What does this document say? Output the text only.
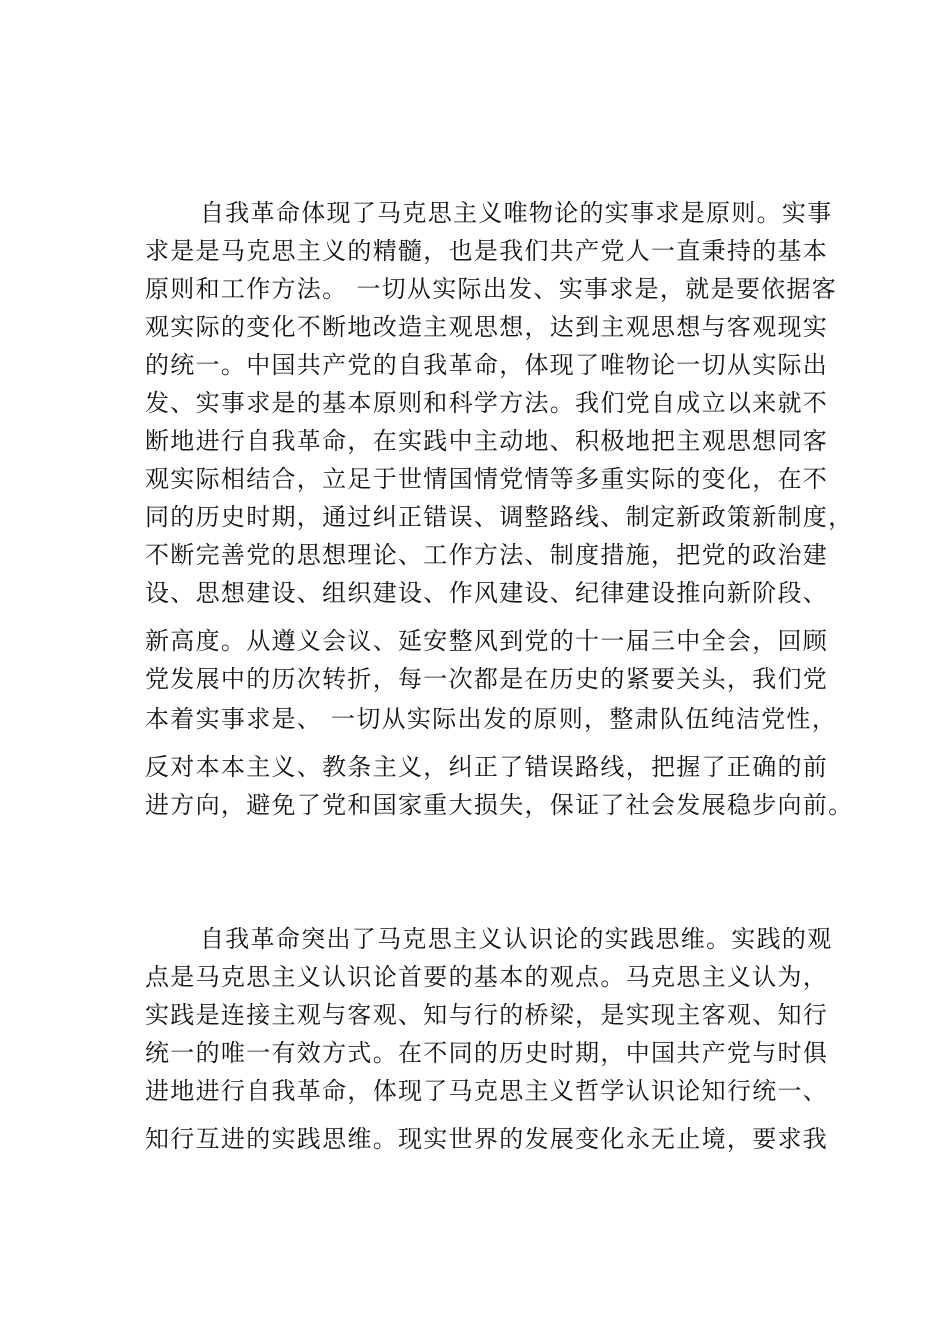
自我革命体现了马克思主义唯物论的实事求是原则。实事
求是是马克思主义的精髓，也是我们共产党人一直秉持的基本
原则和工作方法。 一切从实际出发、实事求是，就是要依据客
观实际的变化不断地改造主观思想，达到主观思想与客观现实
的统一。中国共产党的自我革命，体现了唯物论一切从实际出
发、实事求是的基本原则和科学方法。我们党自成立以来就不
断地进行自我革命，在实践中主动地、积极地把主观思想同客
观实际相结合，立足于世情国情党情等多重实际的变化，在不
同的历史时期，通过纠正错误、调整路线、制定新政策新制度，
不断完善党的思想理论、工作方法、制度措施，把党的政治建
设、思想建设、组织建设、作风建设、纪律建设推向新阶段、
新高度。从遵义会议、延安整风到党的十一届三中全会，回顾
党发展中的历次转折，每一次都是在历史的紧要关头，我们党
本着实事求是、 一切从实际出发的原则，整肃队伍纯洁党性，
反对本本主义、教条主义，纠正了错误路线，把握了正确的前
进方向，避免了党和国家重大损失，保证了社会发展稳步向前。
自我革命突出了马克思主义认识论的实践思维。实践的观
点是马克思主义认识论首要的基本的观点。马克思主义认为，
实践是连接主观与客观、知与行的桥梁，是实现主客观、知行
统一的唯一有效方式。在不同的历史时期，中国共产党与时俱
进地进行自我革命，体现了马克思主义哲学认识论知行统一、
知行互进的实践思维。现实世界的发展变化永无止境，要求我
